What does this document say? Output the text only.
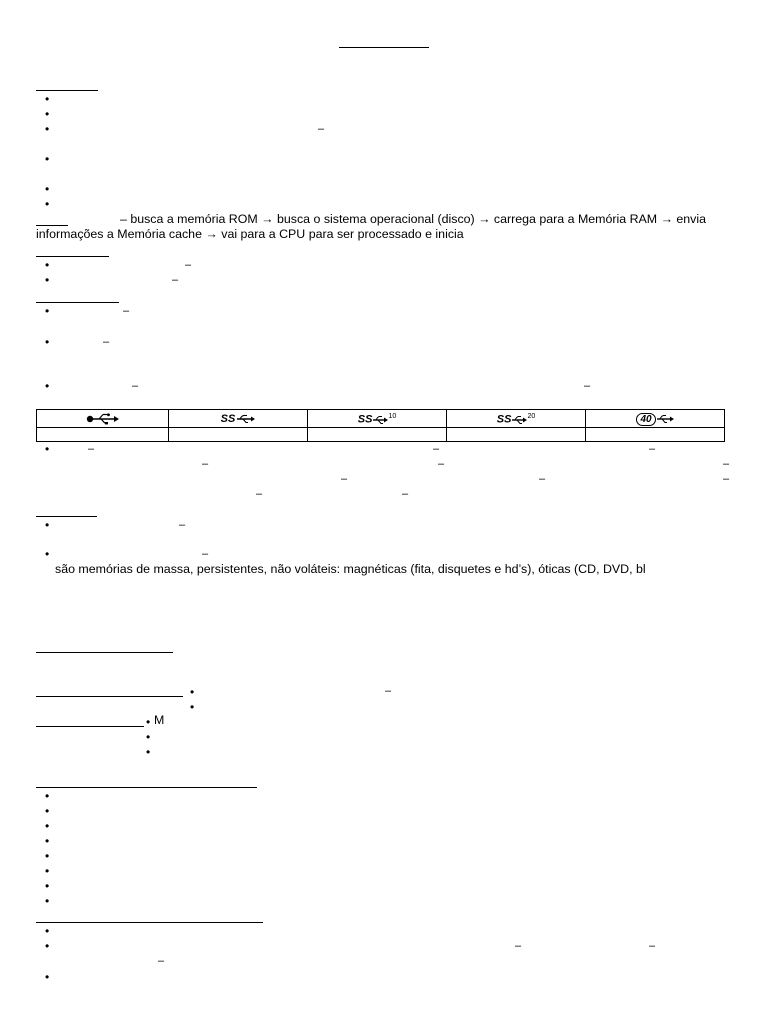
•
•
•	–
•
•
•
– busca a memória ROM → busca o sistema operacional (disco) → carrega para a Memória RAM → envia
informações a Memória cache → vai para a CPU para ser processado e inicia
•	–
•	–
•	–
•	–
•	–	–
	SS	SS $^{10}$	SS $^{20}$	40

•	–	–	–
–	–	–
–	–	–
–	–
•	–
•	–
são memórias de massa, persistentes, não voláteis: magnéticas (fita, disquetes e hd’s), óticas (CD, DVD, bl
•	–
•
• M
•
•
•
•
•
•
•
•
•
•
•
•	–	–
–
•
